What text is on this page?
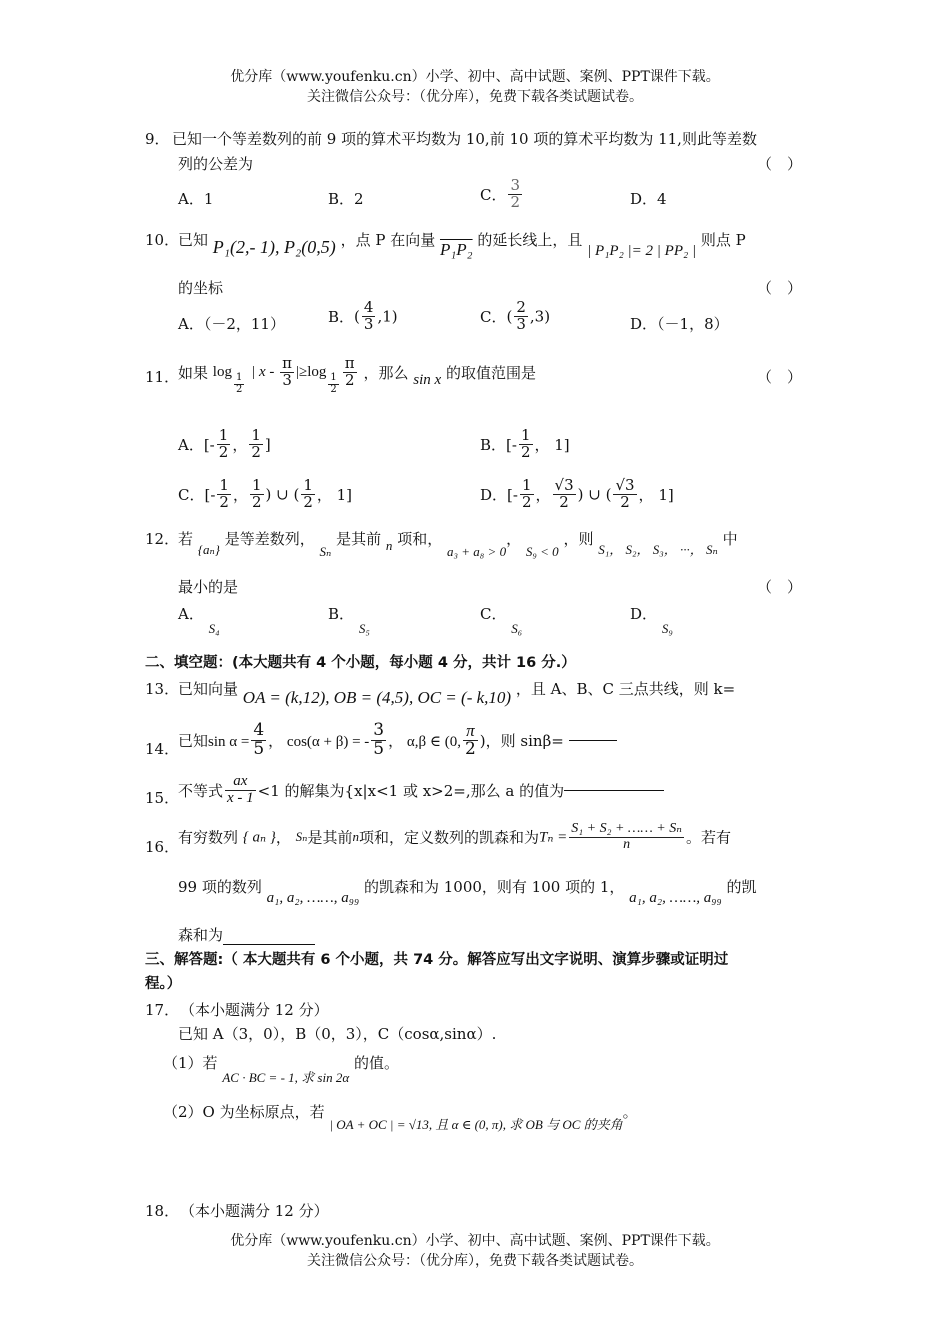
优分库（www.youfenku.cn）小学、初中、高中试题、案例、PPT课件下载。
关注微信公众号：（优分库），免费下载各类试题试卷。
9． 已知一个等差数列的前 9 项的算术平均数为 10,前 10 项的算术平均数为 11,则此等差数
列的公差为	（　）
A．1	B．2	C． $\frac{3}{2}$	D．4
10．
已知 P₁(2,- 1), P₂(0,5) ，点 P 在向量 P₁P₂ 的延长线上，且 | P₁P₂ |= 2 | PP₂ | 则点 P
的坐标	（　）
A．（－2，11）	B．( $\frac{4}{3} ,1$)	C．( $\frac{2}{3} ,3$)	D．（－1，8）
11．
如果 log
$\frac{1}{2}$
| $x - \frac{\pi}{3} |\ge\log$
$\frac{1}{2} \frac{\pi}{2}$ ，那么 sin x 的取值范围是	（　）
A．[- $\frac{1}{2}$ ， $\frac{1}{2}$ ]	B．[- $\frac{1}{2}$ ， 1]
C．[- $\frac{1}{2}$ ， $\frac{1}{2}$ ) ∪ ( $\frac{1}{2}$ ， 1]	D．[- $\frac{1}{2}$ ， $\frac{√3}{2}$ ) ∪ ( $\frac{√3}{2}$ ， 1]
12．
若 {aₙ} 是等差数列， Sₙ 是其前 n 项和， a₃ + a₈ > 0， S₉ < 0 ，则 S₁， S₂， S₃， ···， Sₙ 中
最小的是	（　）
A． S₄
B． S₅
C． S₆
D． S₉
二、填空题：(本大题共有 4 个小题，每小题 4 分，共计 16 分.）
13．
已知向量 OA = (k,12), OB = (4,5), OC = (- k,10) ，且 A、B、C 三点共线，则 k=
14．
已知$\sin \alpha = \frac{4}{5}$ ， cos(α + β) = - $\frac{3}{5}$ ， α,β ∈ (0, $\frac{\pi}{2}$ )，则 sinβ=
15．
不等式 $\frac{ax}{x - 1} <1$ 的解集为{x|x<1 或 x>2=,那么 a 的值为
16．
有穷数列 { aₙ }， Sₙ是其前n项和，定义数列的凯森和为$T_n = \frac{\text{S₁ + S₂ + …… + Sₙ}}{n}$ 。若有
99 项的数列 a₁, a₂, ……, a₉₉ 的凯森和为 1000，则有 100 项的 1， a₁, a₂, ……, a₉₉ 的凯
森和为
三、解答题:（ 本大题共有 6 个小题，共 74 分。解答应写出文字说明、演算步骤或证明过
程。）
17． （本小题满分 12 分）
已知 A（3，0），B（0，3），C（cosα,sinα）.
（1）若 AC · BC = - 1, 求 sin 2α 的值。
（2）O 为坐标原点，若 | OA + OC | = √13, 且 α ∈ (0, π), 求 OB 与 OC 的夹角。
18． （本小题满分 12 分）
优分库（www.youfenku.cn）小学、初中、高中试题、案例、PPT课件下载。
关注微信公众号：（优分库），免费下载各类试题试卷。
